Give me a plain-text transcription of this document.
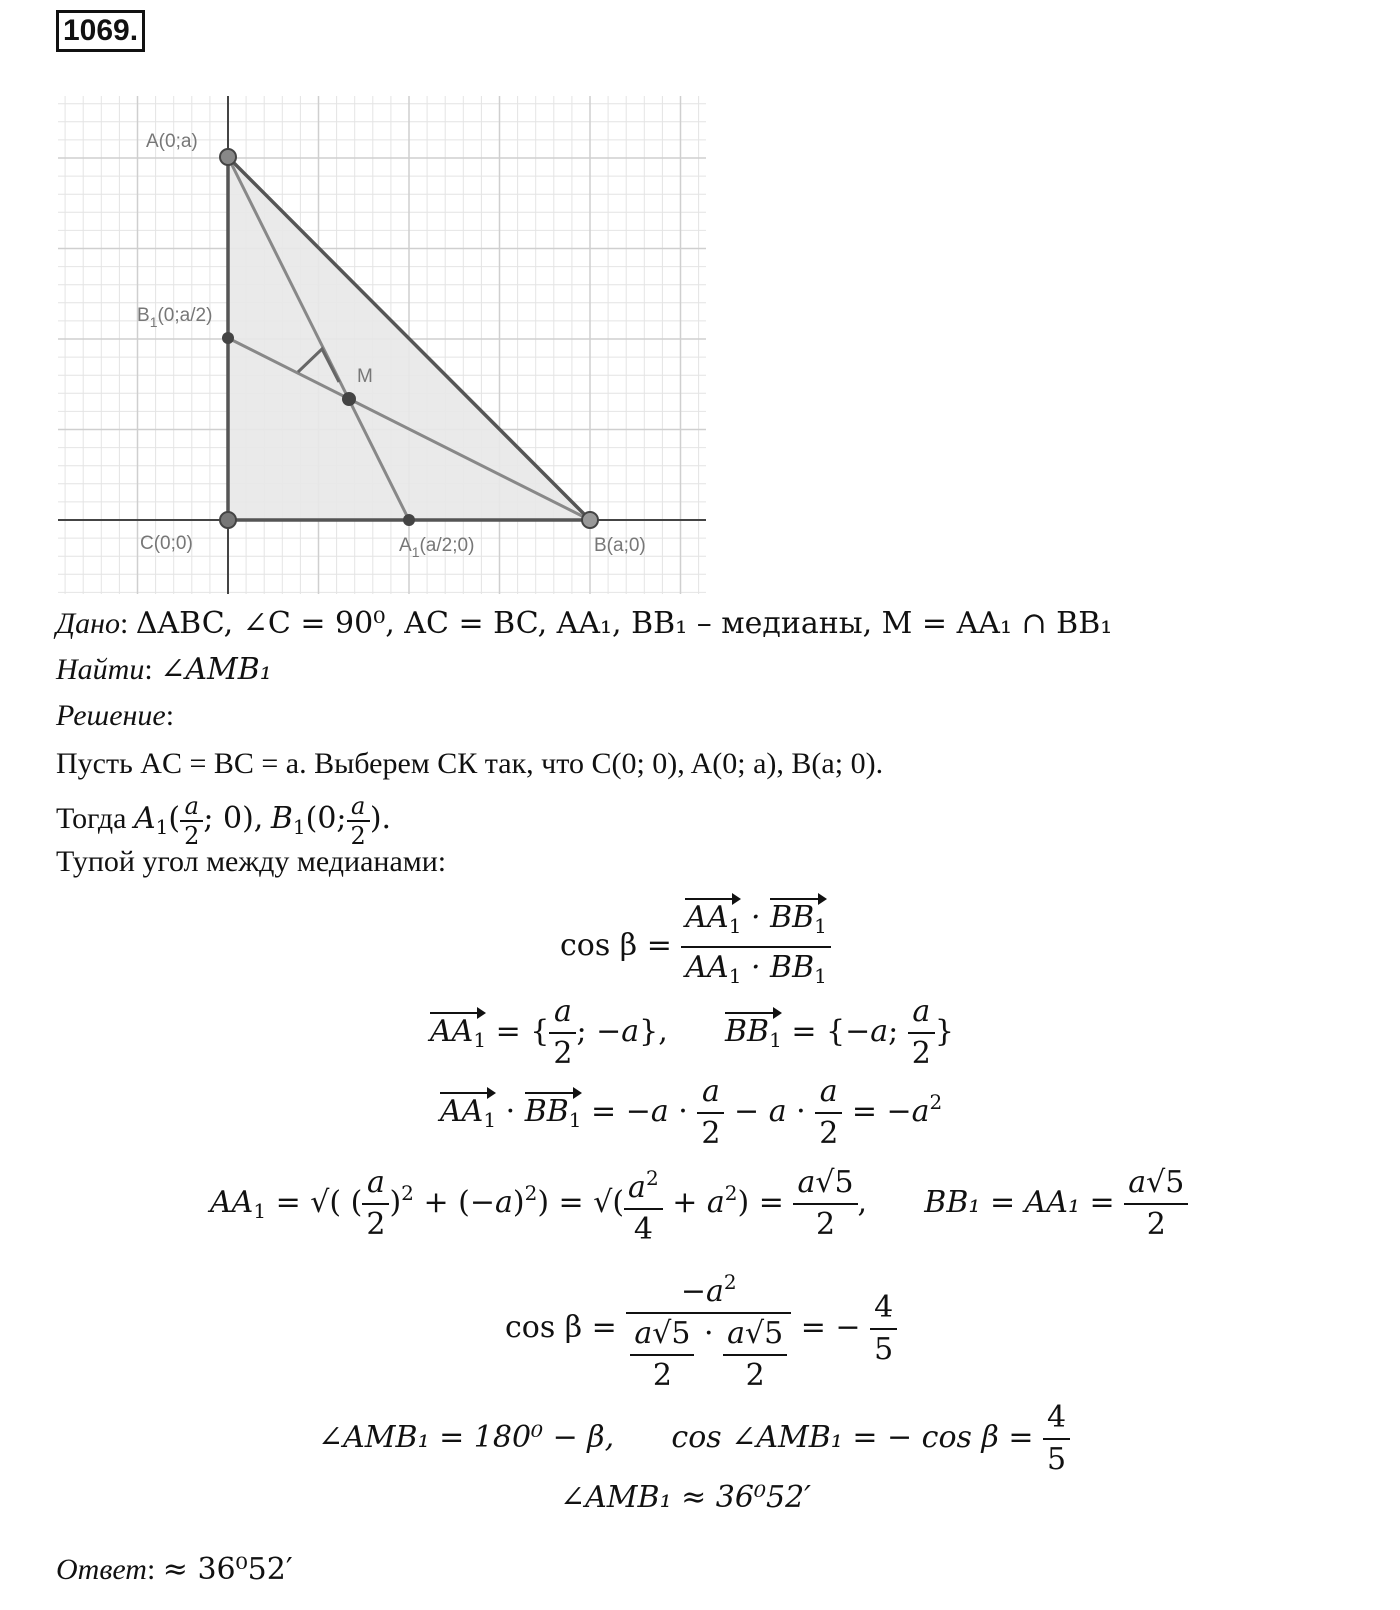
1069.
A(0;a)
C(0;0)	B(a;0)
M
$B_1(0;a/2)$
$A_1(a/2;0)$
Дано: ΔABC, ∠C = 90⁰, AC = BC, AA₁, BB₁ – медианы, M = AA₁ ∩ BB₁
Найти: ∠AMB₁
Решение:
Пусть AC = BC = a. Выберем СК так, что C(0; 0), A(0; a), B(a; 0).
Тогда $A_1( \frac{a}{2}$ ; 0), $B_1(0$; $\frac{a}{2}$ ).
Тупой угол между медианами:
$\cos \beta = \frac{AA_1 \cdot BB_1}{AA_1 \cdot BB_1}$
$AA_1$ = { $\frac{a}{2}$ ; −a},      $BB_1 = \{-a$; $\frac{a}{2}$ }
$AA_1 \cdot BB_1 = -a \cdot \frac{a}{2} - a \cdot \frac{a}{2} = -a^2$
$AA_1$ = √( ( $\frac{a}{2} )^2 + (-a)^2$) = √( $\frac{a^2}{4} + a^2) = \frac{a√5}{2}$ ,      $BB_1 = AA_1 = \frac{a√5}{2}$
$\cos \beta = \frac{-a^2}{\frac{a√5}{2} \cdot \frac{a√5}{2}}$ = − $\frac{4}{5}$
∠AMB₁ = 180⁰ − β, cos ∠AMB₁ = − $\cos \beta = \frac{4}{5}$
∠AMB₁ ≈ 36⁰52′
Ответ: ≈ 36⁰52′
